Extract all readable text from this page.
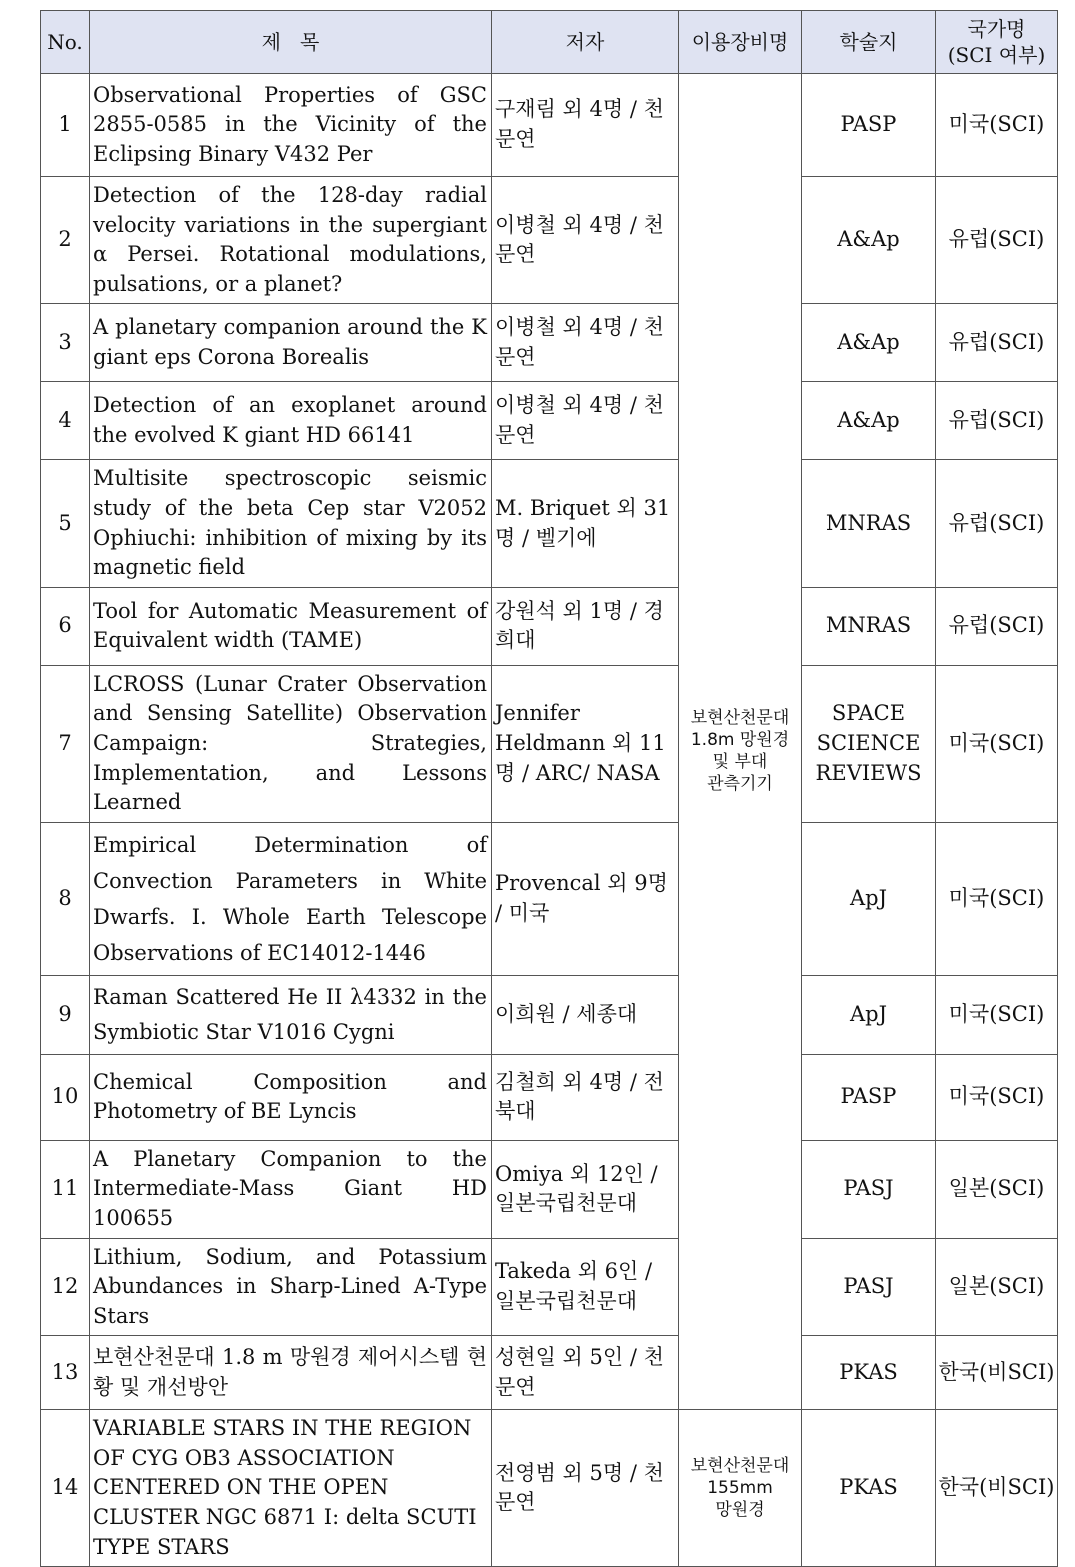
No.	제   목	저자	이용장비명	학술지	국가명
(SCI 여부)

1	Observational Properties of GSC 2855-0585 in the Vicinity of the Eclipsing Binary V432 Per	구재림 외 4명 / 천문연	보현산천문대
1.8m 망원경
및 부대
관측기기	PASP	미국(SCI)
2	Detection of the 128-day radial velocity variations in the supergiant α Persei. Rotational modulations, pulsations, or a planet?	이병철 외 4명 / 천문연		A&Ap	유럽(SCI)
3	A planetary companion around the K giant eps Corona Borealis	이병철 외 4명 / 천문연		A&Ap	유럽(SCI)
4	Detection of an exoplanet around the evolved K giant HD 66141	이병철 외 4명 / 천문연		A&Ap	유럽(SCI)
5	Multisite spectroscopic seismic study of the beta Cep star V2052 Ophiuchi: inhibition of mixing by its magnetic field	M. Briquet 외 31명 / 벨기에		MNRAS	유럽(SCI)
6	Tool for Automatic Measurement of Equivalent width (TAME)	강원석 외 1명 / 경희대		MNRAS	유럽(SCI)
7	LCROSS (Lunar Crater Observation and Sensing Satellite) Observation Campaign: Strategies, Implementation, and Lessons Learned	Jennifer Heldmann 외 11명 / ARC/ NASA		SPACE SCIENCE REVIEWS	미국(SCI)
8	Empirical Determination of Convection Parameters in White Dwarfs. I. Whole Earth Telescope Observations of EC14012-1446	Provencal 외 9명 / 미국		ApJ	미국(SCI)
9	Raman Scattered He II λ4332 in the Symbiotic Star V1016 Cygni	이희원 / 세종대		ApJ	미국(SCI)
10	Chemical Composition and Photometry of BE Lyncis	김철희 외 4명 / 전북대		PASP	미국(SCI)
11	A Planetary Companion to the Intermediate-Mass Giant HD 100655	Omiya 외 12인 / 일본국립천문대		PASJ	일본(SCI)
12	Lithium, Sodium, and Potassium Abundances in Sharp-Lined A-Type Stars	Takeda 외 6인 / 일본국립천문대		PASJ	일본(SCI)
13	보현산천문대 1.8 m 망원경 제어시스템 현황 및 개선방안	성현일 외 5인 / 천문연		PKAS	한국(비SCI)
14	VARIABLE STARS IN THE REGION OF CYG OB3 ASSOCIATION CENTERED ON THE OPEN CLUSTER NGC 6871 I: delta SCUTI TYPE STARS	전영범 외 5명 / 천문연	보현산천문대
155mm
망원경	PKAS	한국(비SCI)
